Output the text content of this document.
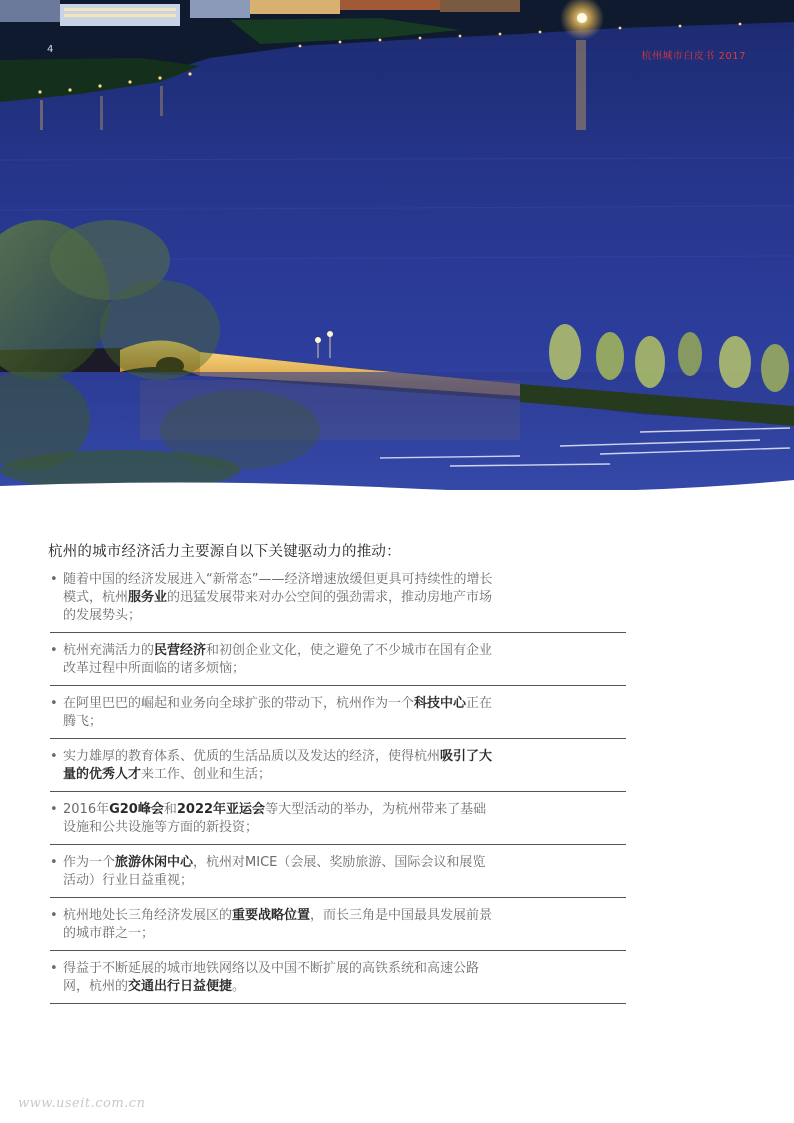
4
杭州城市白皮书 2017
杭州的城市经济活力主要源自以下关键驱动力的推动：
• 随着中国的经济发展进入“新常态”——经济增速放缓但更具可持续性的增长模式，杭州服务业的迅猛发展带来对办公空间的强劲需求，推动房地产市场的发展势头；
• 杭州充满活力的民营经济和初创企业文化，使之避免了不少城市在国有企业改革过程中所面临的诸多烦恼；
• 在阿里巴巴的崛起和业务向全球扩张的带动下，杭州作为一个科技中心正在腾飞；
• 实力雄厚的教育体系、优质的生活品质以及发达的经济，使得杭州吸引了大量的优秀人才来工作、创业和生活；
• 2016年G20峰会和2022年亚运会等大型活动的举办，为杭州带来了基础设施和公共设施等方面的新投资；
• 作为一个旅游休闲中心，杭州对MICE（会展、奖励旅游、国际会议和展览活动）行业日益重视；
• 杭州地处长三角经济发展区的重要战略位置，而长三角是中国最具发展前景的城市群之一；
• 得益于不断延展的城市地铁网络以及中国不断扩展的高铁系统和高速公路网，杭州的交通出行日益便捷。
www.useit.com.cn
